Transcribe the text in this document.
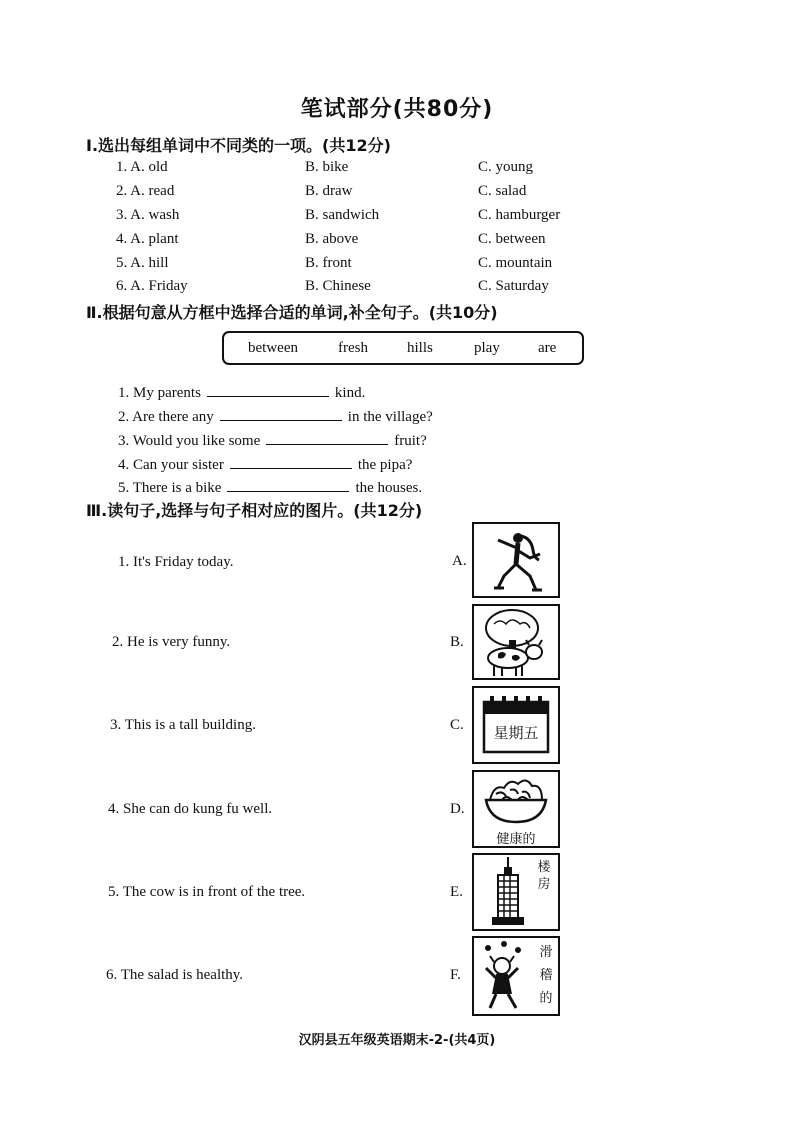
笔试部分(共80分)
Ⅰ.选出每组单词中不同类的一项。(共12分)
1. A. old	B. bike	C. young
2. A. read	B. draw	C. salad
3. A. wash	B. sandwich	C. hamburger
4. A. plant	B. above	C. between
5. A. hill	B. front	C. mountain
6. A. Friday	B. Chinese	C. Saturday
Ⅱ.根据句意从方框中选择合适的单词,补全句子。(共10分)
between	fresh	hills	play	are
1. My parents	kind.
2. Are there any	in the village?
3. Would you like some	fruit?
4. Can your sister	the pipa?
5. There is a bike	the houses.
Ⅲ.读句子,选择与句子相对应的图片。(共12分)
1. It's Friday today.
2. He is very funny.
3. This is a tall building.
4. She can do kung fu well.
5. The cow is in front of the tree.
6. The salad is healthy.
A.
B.
C.
D.
E.
F.
星期五
健康的
楼
房
滑
稽
的
汉阴县五年级英语期末-2-(共4页)
